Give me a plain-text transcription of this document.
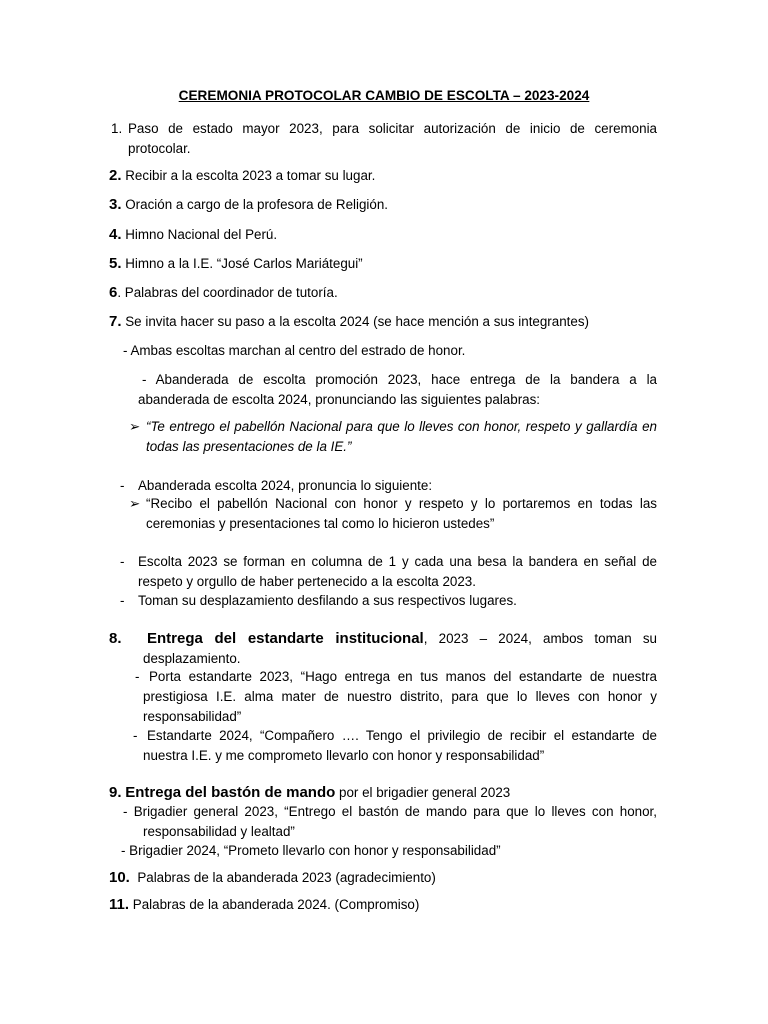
CEREMONIA PROTOCOLAR CAMBIO DE ESCOLTA – 2023-2024
1. Paso de estado mayor 2023, para solicitar autorización de inicio de ceremonia protocolar.
2. Recibir a la escolta 2023 a tomar su lugar.
3. Oración a cargo de la profesora de Religión.
4. Himno Nacional del Perú.
5. Himno a la I.E. “José Carlos Mariátegui”
6. Palabras del coordinador de tutoría.
7. Se invita hacer su paso a la escolta 2024 (se hace mención a sus integrantes)
- Ambas escoltas marchan al centro del estrado de honor.
- Abanderada de escolta promoción 2023, hace entrega de la bandera a la abanderada de escolta 2024, pronunciando las siguientes palabras:
➢ “Te entrego el pabellón Nacional para que lo lleves con honor, respeto y gallardía en todas las presentaciones de la IE.”
- Abanderada escolta 2024, pronuncia lo siguiente:
➢ “Recibo el pabellón Nacional con honor y respeto y lo portaremos en todas las ceremonias y presentaciones tal como lo hicieron ustedes”
- Escolta 2023 se forman en columna de 1 y cada una besa la bandera en señal de respeto y orgullo de haber pertenecido a la escolta 2023.
- Toman su desplazamiento desfilando a sus respectivos lugares.
8. Entrega del estandarte institucional, 2023 – 2024, ambos toman su desplazamiento.
- Porta estandarte 2023, “Hago entrega en tus manos del estandarte de nuestra prestigiosa I.E. alma mater de nuestro distrito, para que lo lleves con honor y responsabilidad”
- Estandarte 2024, “Compañero …. Tengo el privilegio de recibir el estandarte de nuestra I.E. y me comprometo llevarlo con honor y responsabilidad”
9. Entrega del bastón de mando por el brigadier general 2023
- Brigadier general 2023, “Entrego el bastón de mando para que lo lleves con honor, responsabilidad y lealtad”
- Brigadier 2024, “Prometo llevarlo con honor y responsabilidad”
10. Palabras de la abanderada 2023 (agradecimiento)
11. Palabras de la abanderada 2024. (Compromiso)
